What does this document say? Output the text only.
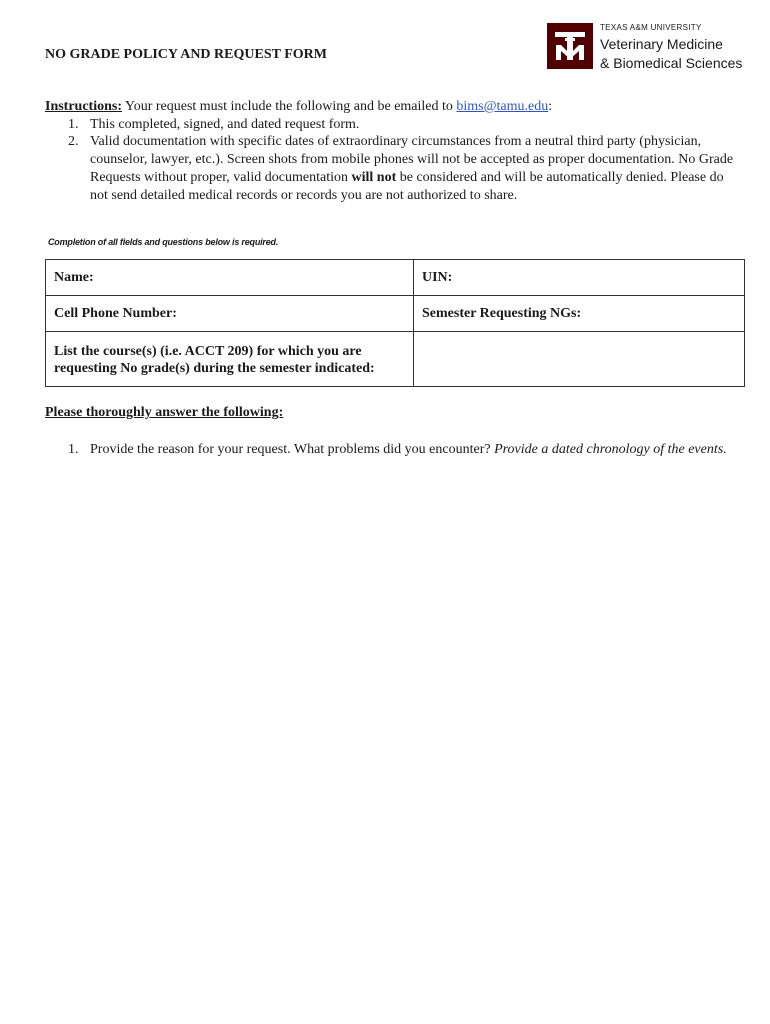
NO GRADE POLICY AND REQUEST FORM
TEXAS A&M UNIVERSITY
Veterinary Medicine
& Biomedical Sciences
Instructions: Your request must include the following and be emailed to bims@tamu.edu:
1. This completed, signed, and dated request form.
2. Valid documentation with specific dates of extraordinary circumstances from a neutral third party (physician, counselor, lawyer, etc.). Screen shots from mobile phones will not be accepted as proper documentation. No Grade Requests without proper, valid documentation will not be considered and will be automatically denied. Please do not send detailed medical records or records you are not authorized to share.
Completion of all fields and questions below is required.
Name:	UIN:
Cell Phone Number:	Semester Requesting NGs:
List the course(s) (i.e. ACCT 209) for which you are requesting No grade(s) during the semester indicated:	
Please thoroughly answer the following:
1. Provide the reason for your request. What problems did you encounter? Provide a dated chronology of the events.
